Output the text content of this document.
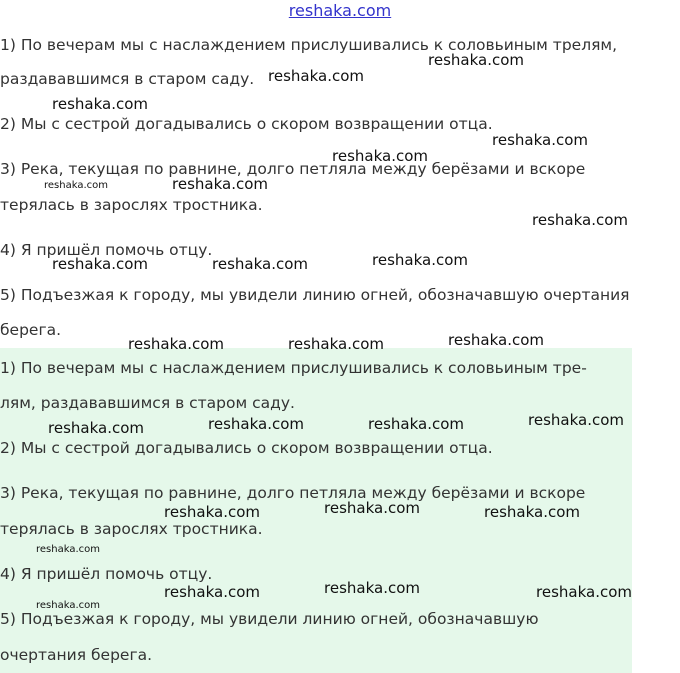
reshaka.com
1) По вечерам мы с наслаждением прислушивались к соловьиным трелям,
раздававшимся в старом саду.
2) Мы с сестрой догадывались о скором возвращении отца.
3) Река, текущая по равнине, долго петляла между берёзами и вскоре
терялась в зарослях тростника.
4) Я пришёл помочь отцу.
5) Подъезжая к городу, мы увидели линию огней, обозначавшую очертания
берега.
1) По вечерам мы с наслаждением прислушивались к соловьиным тре-
лям, раздававшимся в старом саду.
2) Мы с сестрой догадывались о скором возвращении отца.
3) Река, текущая по равнине, долго петляла между берёзами и вскоре
терялась в зарослях тростника.
4) Я пришёл помочь отцу.
5) Подъезжая к городу, мы увидели линию огней, обозначавшую
очертания берега.
reshaka.com
reshaka.com
reshaka.com
reshaka.com
reshaka.com
reshaka.com	reshaka.com
reshaka.com
reshaka.com	reshaka.com	reshaka.com
reshaka.com	reshaka.com	reshaka.com
reshaka.com	reshaka.com	reshaka.com	reshaka.com
reshaka.com	reshaka.com	reshaka.com
reshaka.com
reshaka.com	reshaka.com	reshaka.com
reshaka.com
